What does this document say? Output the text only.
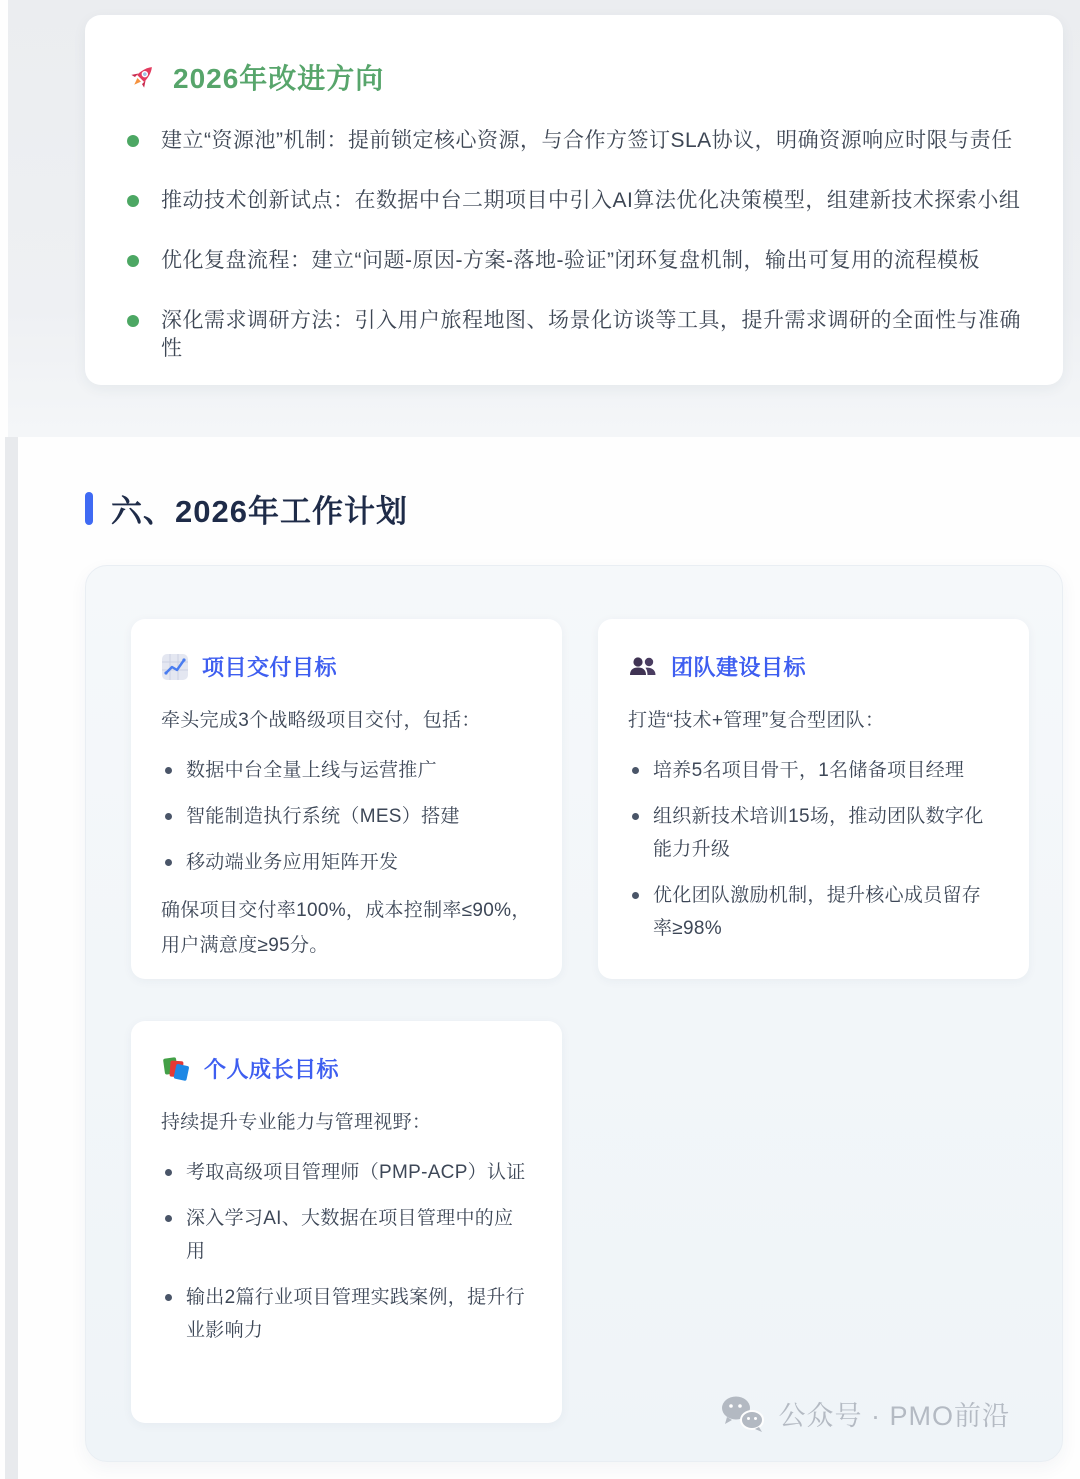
2026年改进方向
建立“资源池”机制：提前锁定核心资源，与合作方签订SLA协议，明确资源响应时限与责任
推动技术创新试点：在数据中台二期项目中引入AI算法优化决策模型，组建新技术探索小组
优化复盘流程：建立“问题-原因-方案-落地-验证”闭环复盘机制，输出可复用的流程模板
深化需求调研方法：引入用户旅程地图、场景化访谈等工具，提升需求调研的全面性与准确性
六、2026年工作计划
项目交付目标
牵头完成3个战略级项目交付，包括：
数据中台全量上线与运营推广
智能制造执行系统（MES）搭建
移动端业务应用矩阵开发
确保项目交付率100%，成本控制率≤90%，用户满意度≥95分。
团队建设目标
打造“技术+管理”复合型团队：
培养5名项目骨干，1名储备项目经理
组织新技术培训15场，推动团队数字化能力升级
优化团队激励机制，提升核心成员留存率≥98%
个人成长目标
持续提升专业能力与管理视野：
考取高级项目管理师（PMP-ACP）认证
深入学习AI、大数据在项目管理中的应用
输出2篇行业项目管理实践案例，提升行业影响力
公众号 · PMO前沿
